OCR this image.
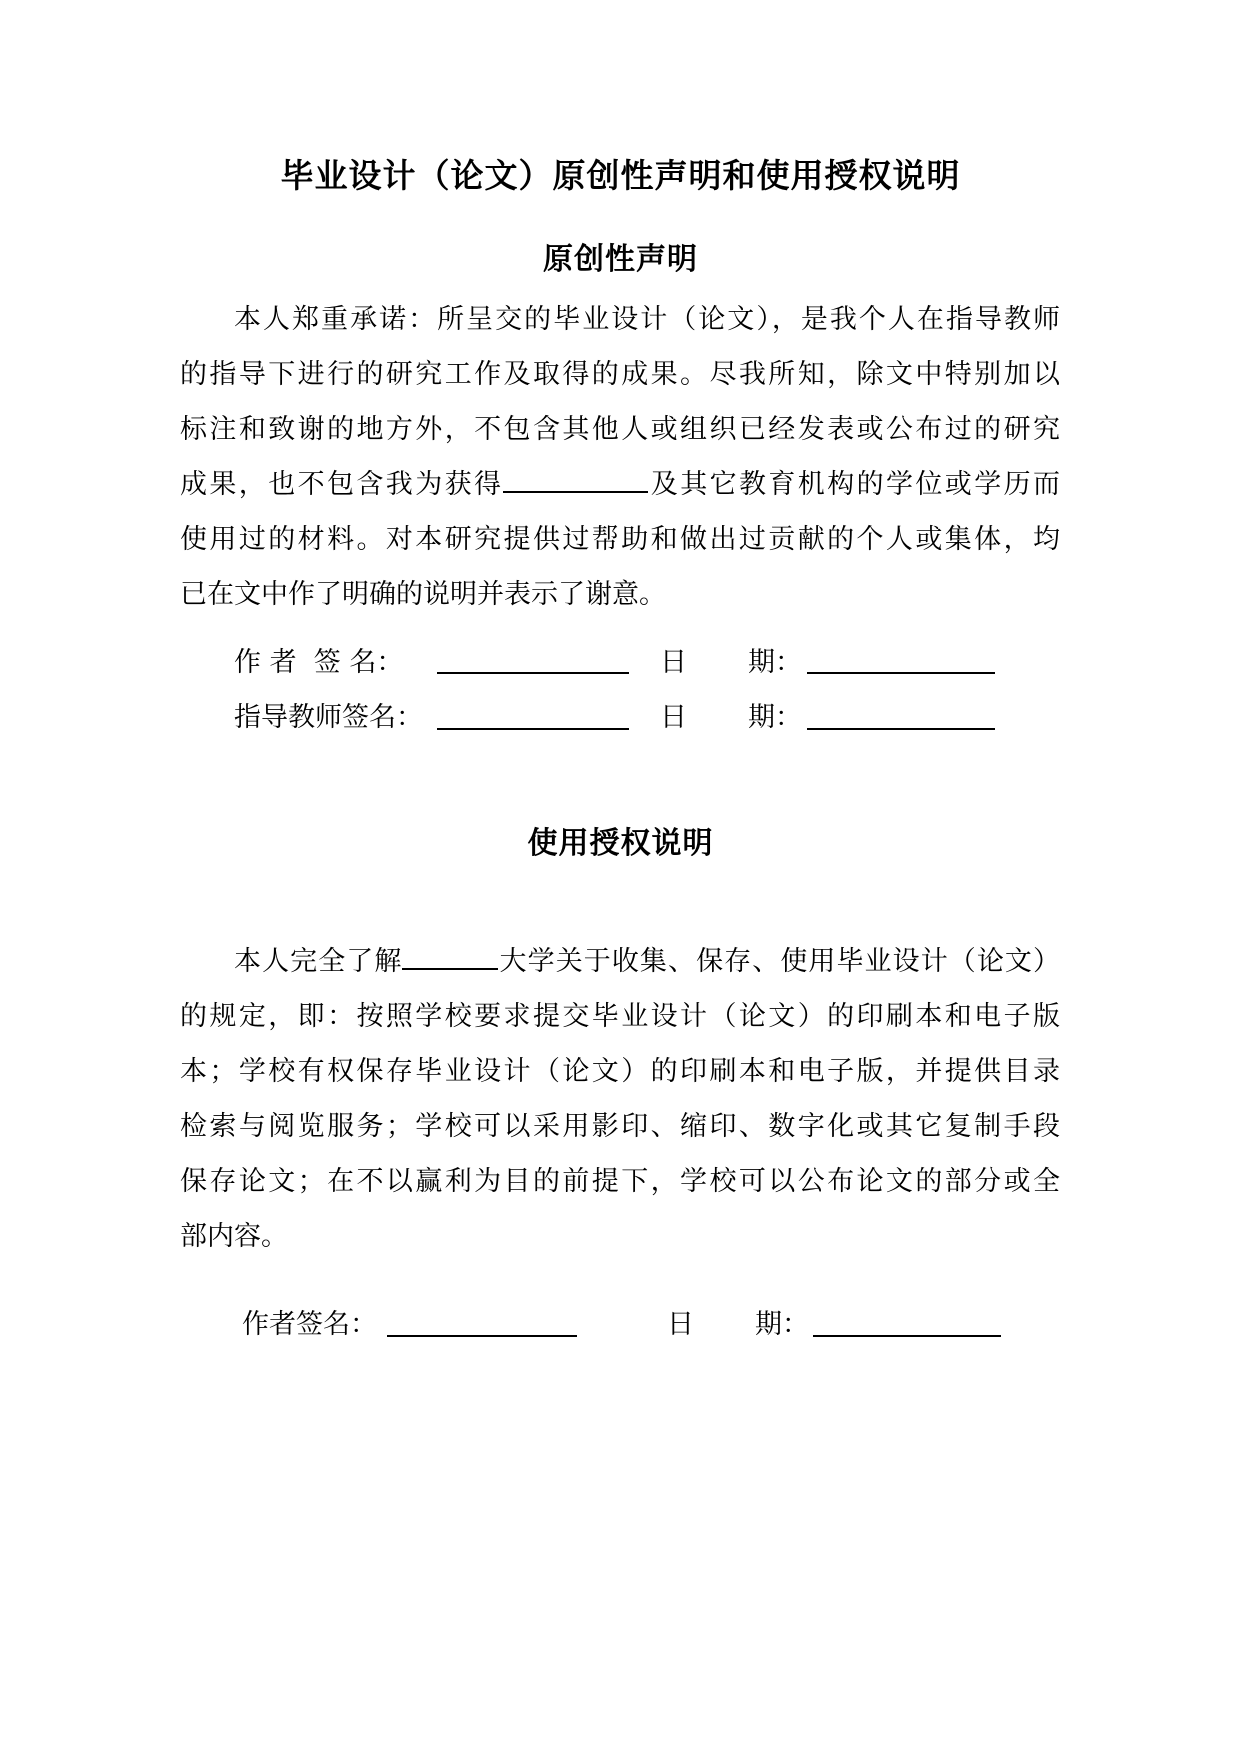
毕业设计（论文）原创性声明和使用授权说明
原创性声明
本人郑重承诺：所呈交的毕业设计（论文），是我个人在指导教师
的指导下进行的研究工作及取得的成果。尽我所知，除文中特别加以
标注和致谢的地方外，不包含其他人或组织已经发表或公布过的研究
成果，也不包含我为获得	及其它教育机构的学位或学历而
使用过的材料。对本研究提供过帮助和做出过贡献的个人或集体，均
已在文中作了明确的说明并表示了谢意。
作 者  签 名：	日 期：
指导教师签名：	日 期：
使用授权说明
本人完全了解	大学关于收集、保存、使用毕业设计（论文）
的规定，即：按照学校要求提交毕业设计（论文）的印刷本和电子版
本；学校有权保存毕业设计（论文）的印刷本和电子版，并提供目录
检索与阅览服务；学校可以采用影印、缩印、数字化或其它复制手段
保存论文；在不以赢利为目的前提下，学校可以公布论文的部分或全
部内容。
作者签名：	日 期：
